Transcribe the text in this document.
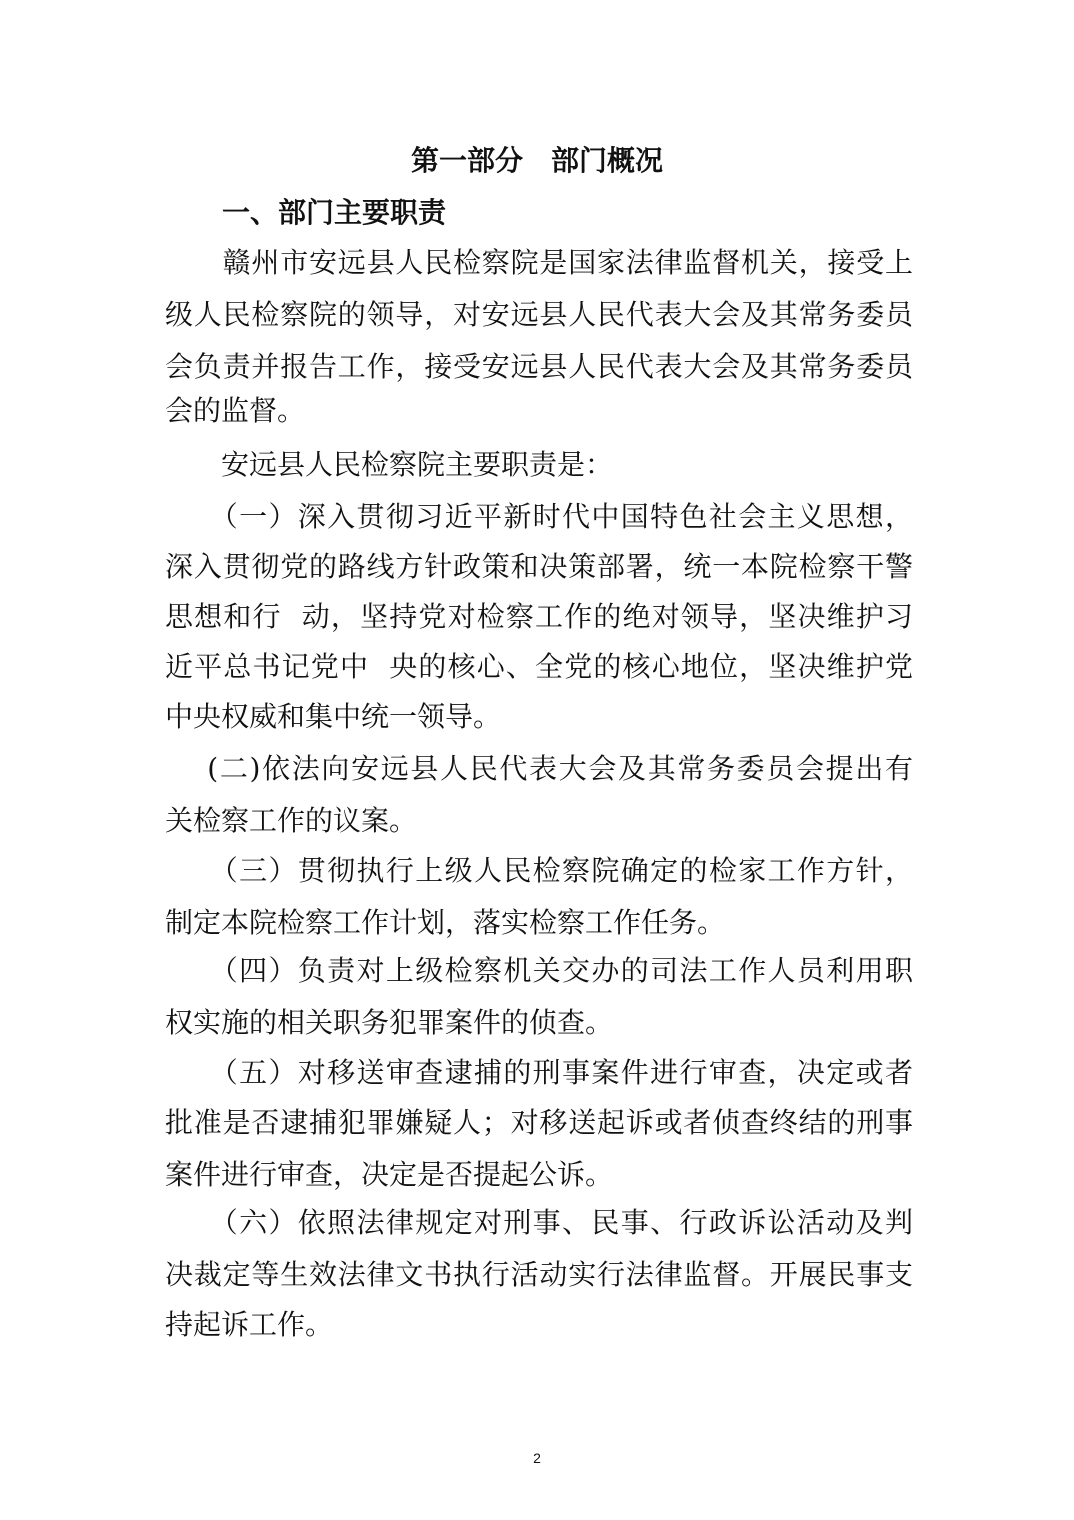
第一部分　部门概况
一、部门主要职责
　　赣州市安远县人民检察院是国家法律监督机关，接受上
级人民检察院的领导，对安远县人民代表大会及其常务委员
会负责并报告工作，接受安远县人民代表大会及其常务委员
会的监督。
　　安远县人民检察院主要职责是：
　　（一）深入贯彻习近平新时代中国特色社会主义思想，
深入贯彻党的路线方针政策和决策部署，统一本院检察干警
思想和行  动，坚持党对检察工作的绝对领导，坚决维护习
近平总书记党中  央的核心、全党的核心地位，坚决维护党
中央权威和集中统一领导。
(二)依法向安远县人民代表大会及其常务委员会提出有
关检察工作的议案。
　　（三）贯彻执行上级人民检察院确定的检家工作方针，
制定本院检察工作计划，落实检察工作任务。
　　（四）负责对上级检察机关交办的司法工作人员利用职
权实施的相关职务犯罪案件的侦查。
　　（五）对移送审查逮捕的刑事案件进行审查，决定或者
批准是否逮捕犯罪嫌疑人；对移送起诉或者侦查终结的刑事
案件进行审查，决定是否提起公诉。
　　（六）依照法律规定对刑事、民事、行政诉讼活动及判
决裁定等生效法律文书执行活动实行法律监督。开展民事支
持起诉工作。
2
